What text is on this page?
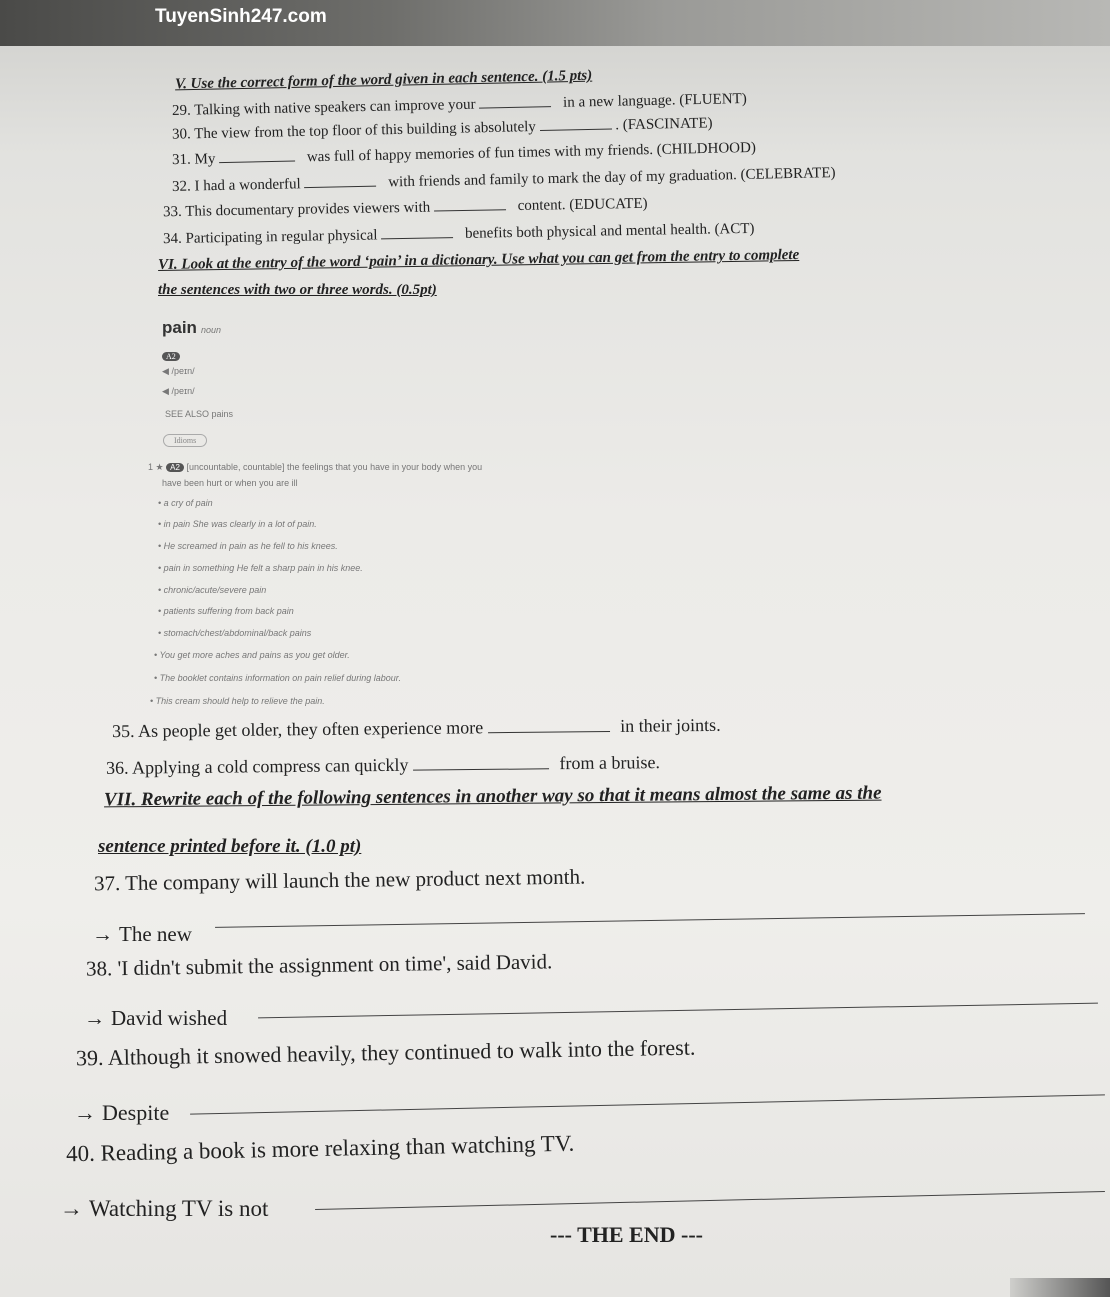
TuyenSinh247.com
V. Use the correct form of the word given in each sentence. (1.5 pts)
29. Talking with native speakers can improve your	in a new language. (FLUENT)
30. The view from the top floor of this building is absolutely	. (FASCINATE)
31. My	was full of happy memories of fun times with my friends. (CHILDHOOD)
32. I had a wonderful	with friends and family to mark the day of my graduation. (CELEBRATE)
33. This documentary provides viewers with	content. (EDUCATE)
34. Participating in regular physical	benefits both physical and mental health. (ACT)
VI. Look at the entry of the word ‘pain’ in a dictionary. Use what you can get from the entry to complete
the sentences with two or three words. (0.5pt)
pain noun
A2
◀ /peɪn/
◀ /peɪn/
SEE ALSO pains
Idioms
1 ★ A2 [uncountable, countable] the feelings that you have in your body when you
have been hurt or when you are ill
• a cry of pain
• in pain She was clearly in a lot of pain.
• He screamed in pain as he fell to his knees.
• pain in something He felt a sharp pain in his knee.
• chronic/acute/severe pain
• patients suffering from back pain
• stomach/chest/abdominal/back pains
• You get more aches and pains as you get older.
• The booklet contains information on pain relief during labour.
• This cream should help to relieve the pain.
35. As people get older, they often experience more	in their joints.
36. Applying a cold compress can quickly	from a bruise.
VII. Rewrite each of the following sentences in another way so that it means almost the same as the
sentence printed before it. (1.0 pt)
37. The company will launch the new product next month.
→ The new
38. 'I didn't submit the assignment on time', said David.
→ David wished
39. Although it snowed heavily, they continued to walk into the forest.
→ Despite
40. Reading a book is more relaxing than watching TV.
→ Watching TV is not
--- THE END ---
